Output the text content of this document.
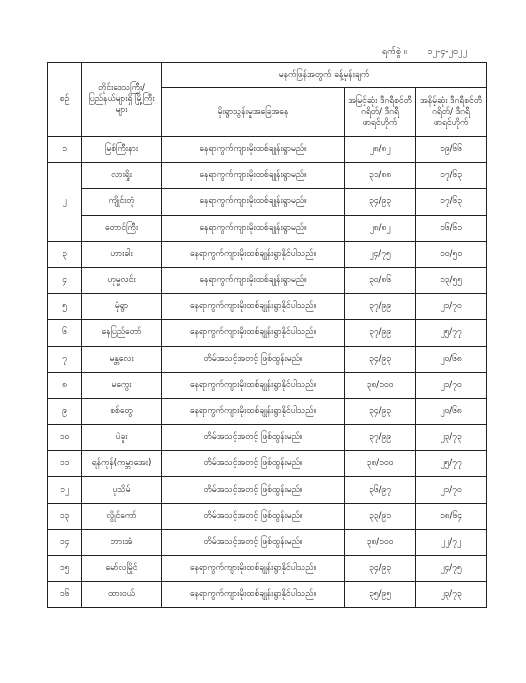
ရက်စွဲ ။ ၁၂-၄-၂၀၂၂
စဉ်	တိုင်းဒေသကြီး/ ပြည်နယ်များရှိ မြို့ကြီးများ	မနက်ဖြန်အတွက် ခန့်မှန်းချက်		
		မိုးရွာသွန်းမှုအခြေအနေ	အမြင့်ဆုံး ဒီဂရီစင်တီဂရိတ်/ ဒီဂရီဖာရင်ဟိုက်	အနိမ့်ဆုံး ဒီဂရီစင်တီဂရိတ်/ ဒီဂရီဖာရင်ဟိုက်
၁	မြစ်ကြီးနား	နေရာကွက်ကျားမိုးထစ်ချုန်းရွာမည်။	၂၈/၈၂	၁၉/၆၆
၂	လားရှိုး	နေရာကွက်ကျားမိုးထစ်ချုန်းရွာမည်။	၃၁/၈၈	၁၇/၆၃
	ကျိုင်းတုံ	နေရာကွက်ကျားမိုးထစ်ချုန်းရွာမည်။	၃၄/၉၃	၁၇/၆၃
	တောင်ကြီး	နေရာကွက်ကျားမိုးထစ်ချုန်းရွာမည်။	၂၈/၈၂	၁၆/၆၁
၃	ဟားခါး	နေရာကွက်ကျားမိုးထစ်ချုန်းရွာနိုင်ပါသည်။	၂၄/၇၅	၁၀/၅၀
၄	ဟုမ္မလင်း	နေရာကွက်ကျားမိုးထစ်ချုန်းရွာမည်။	၃၀/၈၆	၁၃/၅၅
၅	မုံရွာ	နေရာကွက်ကျားမိုးထစ်ချုန်းရွာနိုင်ပါသည်။	၃၇/၉၉	၂၁/၇၀
၆	နေပြည်တော်	နေရာကွက်ကျားမိုးထစ်ချုန်းရွာနိုင်ပါသည်။	၃၇/၉၉	၂၅/၇၇
၇	မန္တလေး	တိမ်အသင့်အတင့် ဖြစ်ထွန်းမည်။	၃၄/၉၃	၂၀/၆၈
၈	မကွေး	နေရာကွက်ကျားမိုးထစ်ချုန်းရွာနိုင်ပါသည်။	၃၈/၁၀၀	၂၁/၇၀
၉	စစ်တွေ	နေရာကွက်ကျားမိုးထစ်ချုန်းရွာနိုင်ပါသည်။	၃၄/၉၃	၂၀/၆၈
၁၀	ပဲခူး	တိမ်အသင့်အတင့် ဖြစ်ထွန်းမည်။	၃၇/၉၉	၂၃/၇၃
၁၁	ရန်ကုန်(ကမ္ဘာအေး)	တိမ်အသင့်အတင့် ဖြစ်ထွန်းမည်။	၃၈/၁၀၀	၂၅/၇၇
၁၂	ပုသိမ်	တိမ်အသင့်အတင့် ဖြစ်ထွန်းမည်။	၃၆/၉၇	၂၁/၇၀
၁၃	လွိုင်ကော်	တိမ်အသင့်အတင့် ဖြစ်ထွန်းမည်။	၃၃/၉၁	၁၈/၆၄
၁၄	ဘားအံ	တိမ်အသင့်အတင့် ဖြစ်ထွန်းမည်။	၃၈/၁၀၀	၂၂/၇၂
၁၅	မော်လမြိုင်	နေရာကွက်ကျားမိုးထစ်ချုန်းရွာနိုင်ပါသည်။	၃၄/၉၃	၂၄/၇၅
၁၆	ထားဝယ်	နေရာကွက်ကျားမိုးထစ်ချုန်းရွာနိုင်ပါသည်။	၃၅/၉၅	၂၃/၇၃
